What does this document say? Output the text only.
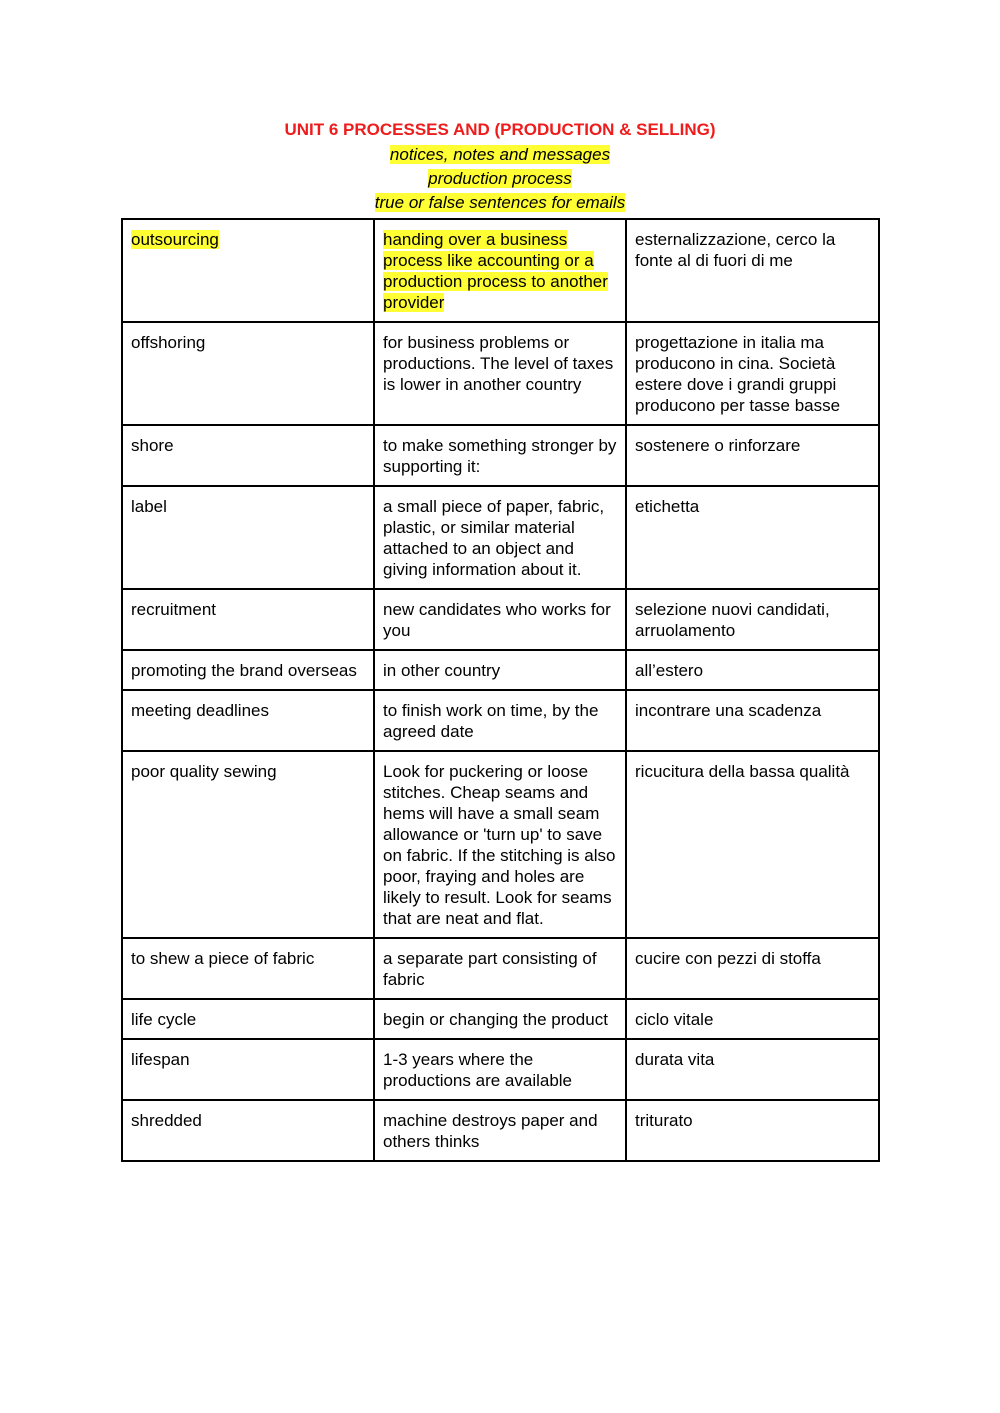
UNIT 6 PROCESSES AND (PRODUCTION & SELLING)
notices, notes and messages
production process
true or false sentences for emails
outsourcing	handing over a business process like accounting or a production process to another provider	esternalizzazione, cerco la fonte al di fuori di me
offshoring	for business problems or productions. The level of taxes is lower in another country	progettazione in italia ma producono in cina. Società estere dove i grandi gruppi producono per tasse basse
shore	to make something stronger by supporting it:	sostenere o rinforzare
label	a small piece of paper, fabric, plastic, or similar material attached to an object and giving information about it.	etichetta
recruitment	new candidates who works for you	selezione nuovi candidati, arruolamento
promoting the brand overseas	in other country	all’estero
meeting deadlines	to finish work on time, by the agreed date	incontrare una scadenza
poor quality sewing	Look for puckering or loose stitches. Cheap seams and hems will have a small seam allowance or 'turn up' to save on fabric. If the stitching is also poor, fraying and holes are likely to result. Look for seams that are neat and flat.	ricucitura della bassa qualità
to shew a piece of fabric	a separate part consisting of fabric	cucire con pezzi di stoffa
life cycle	begin or changing the product	ciclo vitale
lifespan	1-3 years where the productions are available	durata vita
shredded	machine destroys paper and others thinks	triturato
